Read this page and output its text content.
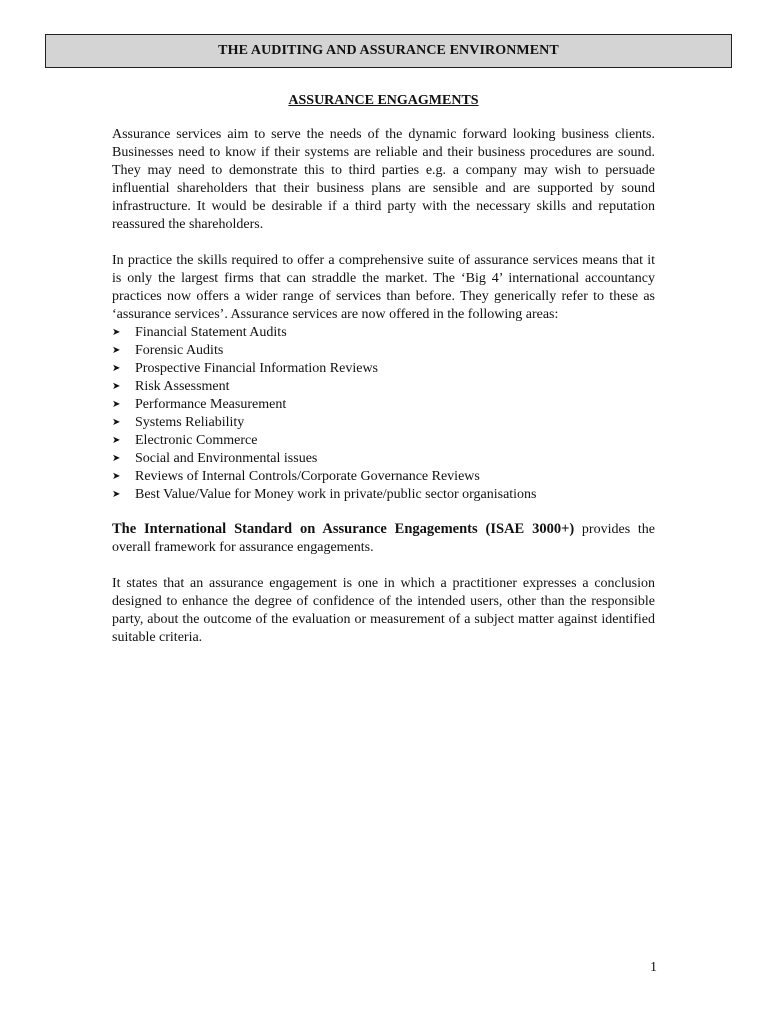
THE AUDITING AND ASSURANCE ENVIRONMENT
ASSURANCE ENGAGMENTS

Assurance services aim to serve the needs of the dynamic forward looking business clients. Businesses need to know if their systems are reliable and their business procedures are sound. They may need to demonstrate this to third parties e.g. a company may wish to persuade influential shareholders that their business plans are sensible and are supported by sound infrastructure. It would be desirable if a third party with the necessary skills and reputation reassured the shareholders.

In practice the skills required to offer a comprehensive suite of assurance services means that it is only the largest firms that can straddle the market. The ‘Big 4’ international accountancy practices now offers a wider range of services than before. They generically refer to these as ‘assurance services’. Assurance services are now offered in the following areas:

➤	Financial Statement Audits
➤	Forensic Audits
➤	Prospective Financial Information Reviews
➤	Risk Assessment
➤	Performance Measurement
➤	Systems Reliability
➤	Electronic Commerce
➤	Social and Environmental issues
➤	Reviews of Internal Controls/Corporate Governance Reviews
➤	Best Value/Value for Money work in private/public sector organisations

The International Standard on Assurance Engagements (ISAE 3000+) provides the overall framework for assurance engagements.

It states that an assurance engagement is one in which a practitioner expresses a conclusion designed to enhance the degree of confidence of the intended users, other than the responsible party, about the outcome of the evaluation or measurement of a subject matter against identified suitable criteria.

1
